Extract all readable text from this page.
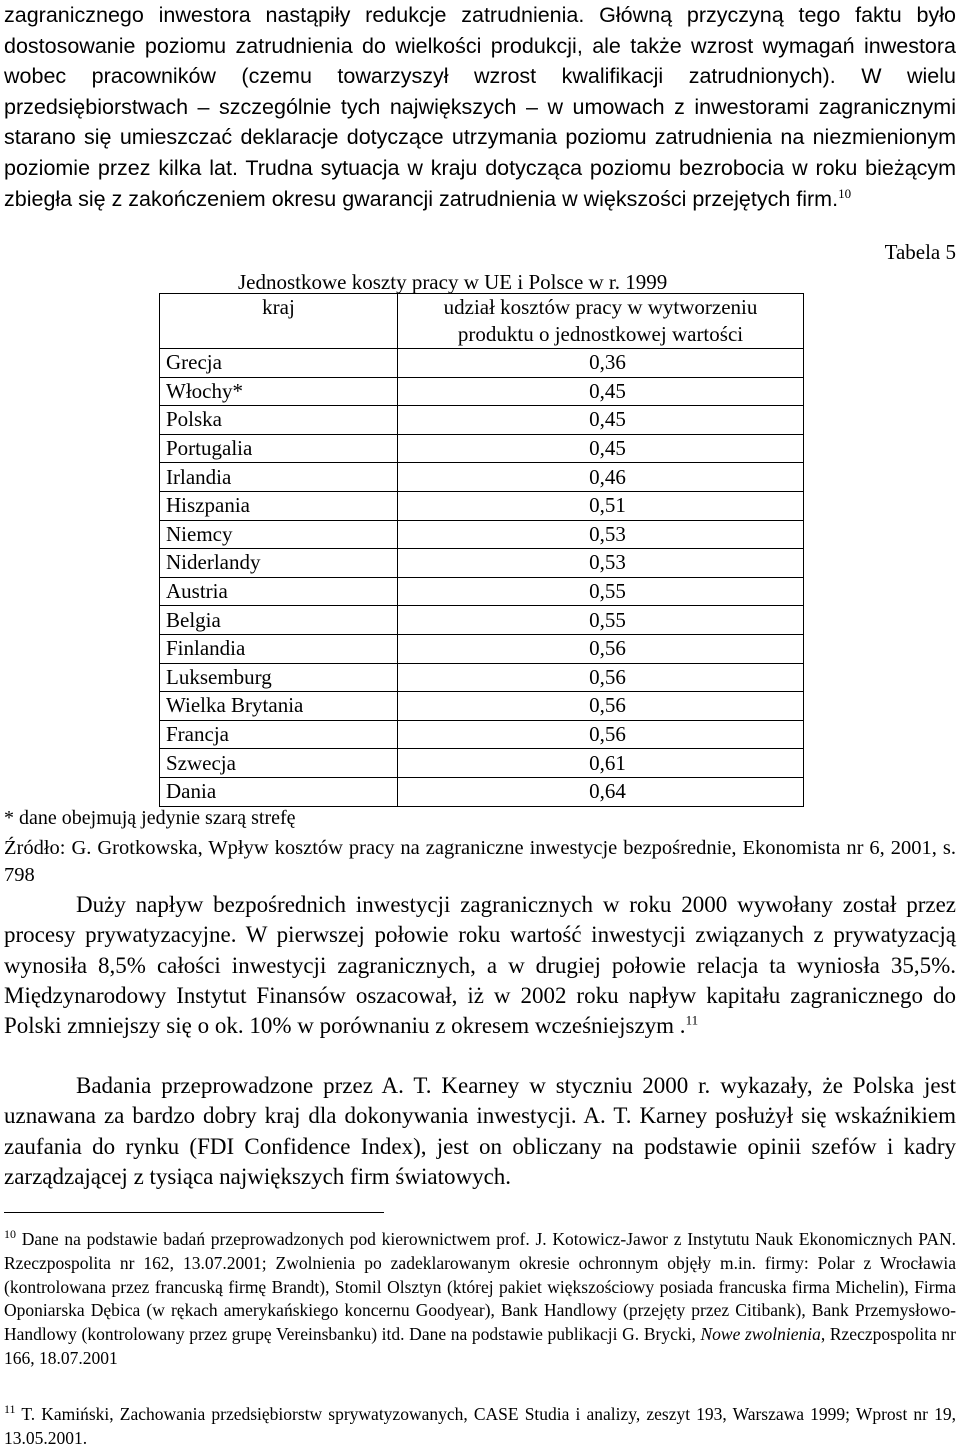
zagranicznego inwestora nastąpiły redukcje zatrudnienia. Główną przyczyną tego faktu było dostosowanie poziomu zatrudnienia do wielkości produkcji, ale także wzrost wymagań inwestora wobec pracowników (czemu towarzyszył wzrost kwalifikacji zatrudnionych). W wielu przedsiębiorstwach – szczególnie tych największych – w umowach z inwestorami zagranicznymi starano się umieszczać deklaracje dotyczące utrzymania poziomu zatrudnienia na niezmienionym poziomie przez kilka lat. Trudna sytuacja w kraju dotycząca poziomu bezrobocia w roku bieżącym zbiegła się z zakończeniem okresu gwarancji zatrudnienia w większości przejętych firm.$^{10}$

Tabela 5
Jednostkowe koszty pracy w UE i Polsce w r. 1999
kraj	udział kosztów pracy w wytworzeniu produktu o jednostkowej wartości
Grecja	0,36
Włochy*	0,45
Polska	0,45
Portugalia	0,45
Irlandia	0,46
Hiszpania	0,51
Niemcy	0,53
Niderlandy	0,53
Austria	0,55
Belgia	0,55
Finlandia	0,56
Luksemburg	0,56
Wielka Brytania	0,56
Francja	0,56
Szwecja	0,61
Dania	0,64
* dane obejmują jedynie szarą strefę
Źródło: G. Grotkowska, Wpływ kosztów pracy na zagraniczne inwestycje bezpośrednie, Ekonomista nr 6, 2001, s. 798

Duży napływ bezpośrednich inwestycji zagranicznych w roku 2000 wywołany został przez procesy prywatyzacyjne. W pierwszej połowie roku wartość inwestycji związanych z prywatyzacją wynosiła 8,5% całości inwestycji zagranicznych, a w drugiej połowie relacja ta wyniosła 35,5%. Międzynarodowy Instytut Finansów oszacował, iż w 2002 roku napływ kapitału zagranicznego do Polski zmniejszy się o ok. 10% w porównaniu z okresem wcześniejszym .$^{11}$

Badania przeprowadzone przez A. T. Kearney w styczniu 2000 r. wykazały, że Polska jest uznawana za bardzo dobry kraj dla dokonywania inwestycji. A. T. Karney posłużył się wskaźnikiem zaufania do rynku (FDI Confidence Index), jest on obliczany na podstawie opinii szefów i kadry zarządzającej z tysiąca największych firm światowych.

$^{10}$ Dane na podstawie badań przeprowadzonych pod kierownictwem prof. J. Kotowicz-Jawor z Instytutu Nauk Ekonomicznych PAN. Rzeczpospolita nr 162, 13.07.2001; Zwolnienia po zadeklarowanym okresie ochronnym objęły m.in. firmy: Polar z Wrocławia (kontrolowana przez francuską firmę Brandt), Stomil Olsztyn (której pakiet większościowy posiada francuska firma Michelin), Firma Oponiarska Dębica (w rękach amerykańskiego koncernu Goodyear), Bank Handlowy (przejęty przez Citibank), Bank Przemysłowo-Handlowy (kontrolowany przez grupę Vereinsbanku) itd. Dane na podstawie publikacji G. Brycki, Nowe zwolnienia, Rzeczpospolita nr 166, 18.07.2001

$^{11}$ T. Kamiński, Zachowania przedsiębiorstw sprywatyzowanych, CASE Studia i analizy, zeszyt 193, Warszawa 1999; Wprost nr 19, 13.05.2001.
